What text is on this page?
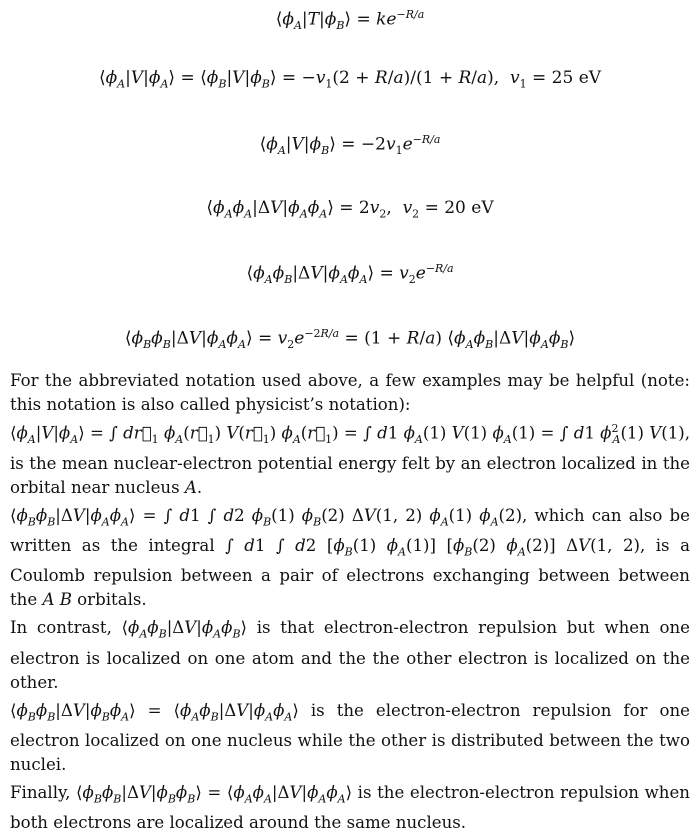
$⟨\phi_A|T|\phi_B⟩ = ke^{-R/a}$
$⟨\phi_A|V|\phi_A⟩$ = $⟨\phi_B|V|\phi_B⟩ = -v_1(2 + R/a)/(1 + R/a)$,  $v_1 = 25$ eV
$⟨\phi_A|V|\phi_B⟩ = -2v_1e^{-R/a}$
$⟨\phi_A\phi_A|\Delta V|\phi_A\phi_A⟩ = 2v_2$,  $v_2 = 20$ eV
$⟨\phi_A\phi_B|\Delta V|\phi_A\phi_A⟩ = v_2e^{-R/a}$
$⟨\phi_B\phi_B|\Delta V|\phi_A\phi_A⟩ = v_2e^{-2R/a} = (1 + R/a)$ $⟨\phi_A\phi_B|\Delta V|\phi_A\phi_B⟩$

For the abbreviated notation used above, a few examples may be helpful (note: this notation is also called physicist’s notation):
$⟨\phi_A|V|\phi_A⟩$ = ∫ $dr⃗_1$ $\phi_A(r⃗_1)$ $V(r⃗_1)$ $\phi_A(r⃗_1)$ = ∫ d1 $\phi_A(1)$ V(1) $\phi_A(1)$ = ∫ d1 $\phi^2_A(1)$ V(1), is the mean nuclear-electron potential energy felt by an electron localized in the orbital near nucleus A.

$⟨\phi_B\phi_B|\Delta V|\phi_A\phi_A⟩$ = ∫ d1 ∫ d2 $\phi_B(1)$ $\phi_B(2)$ ΔV(1, 2) $\phi_A(1)$ $\phi_A(2)$, which can also be written as the integral ∫ d1 ∫ d2 [$\phi_B(1)$ $\phi_A(1)$] [$\phi_B(2)$ $\phi_A(2)$] ΔV(1, 2), is a Coulomb repulsion between a pair of electrons exchanging between between the A B orbitals.

In contrast, $⟨\phi_A\phi_B|\Delta V|\phi_A\phi_B⟩$ is that electron-electron repulsion but when one electron is localized on one atom and the the other electron is localized on the other.

$⟨\phi_B\phi_B|\Delta V|\phi_B\phi_A⟩$ = $⟨\phi_A\phi_B|\Delta V|\phi_A\phi_A⟩$ is the electron-electron repulsion for one electron localized on one nucleus while the other is distributed between the two nuclei.

Finally, $⟨\phi_B\phi_B|\Delta V|\phi_B\phi_B⟩$ = $⟨\phi_A\phi_A|\Delta V|\phi_A\phi_A⟩$ is the electron-electron repulsion when both electrons are localized around the same nucleus.
